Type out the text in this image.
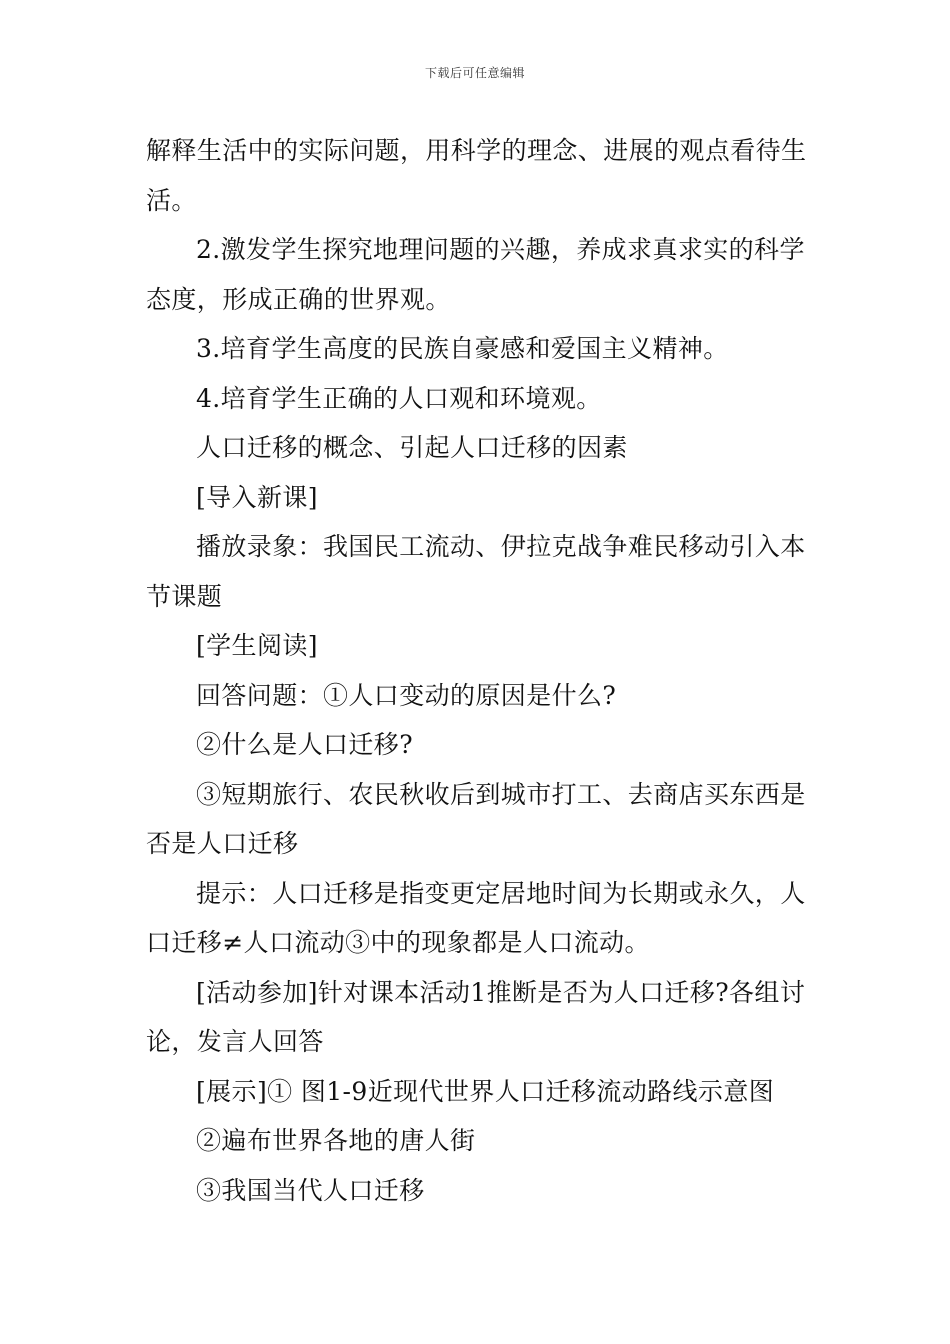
下载后可任意编辑

解释生活中的实际问题，用科学的理念、进展的观点看待生活。

2.激发学生探究地理问题的兴趣，养成求真求实的科学态度，形成正确的世界观。

3.培育学生高度的民族自豪感和爱国主义精神。

4.培育学生正确的人口观和环境观。

人口迁移的概念、引起人口迁移的因素

[导入新课]

播放录象：我国民工流动、伊拉克战争难民移动引入本节课题

[学生阅读]

回答问题：①人口变动的原因是什么?

②什么是人口迁移?

③短期旅行、农民秋收后到城市打工、去商店买东西是否是人口迁移

提示：人口迁移是指变更定居地时间为长期或永久，人口迁移≠人口流动③中的现象都是人口流动。

[活动参加]针对课本活动1推断是否为人口迁移?各组讨论，发言人回答

[展示]① 图1-9近现代世界人口迁移流动路线示意图

②遍布世界各地的唐人街

③我国当代人口迁移
